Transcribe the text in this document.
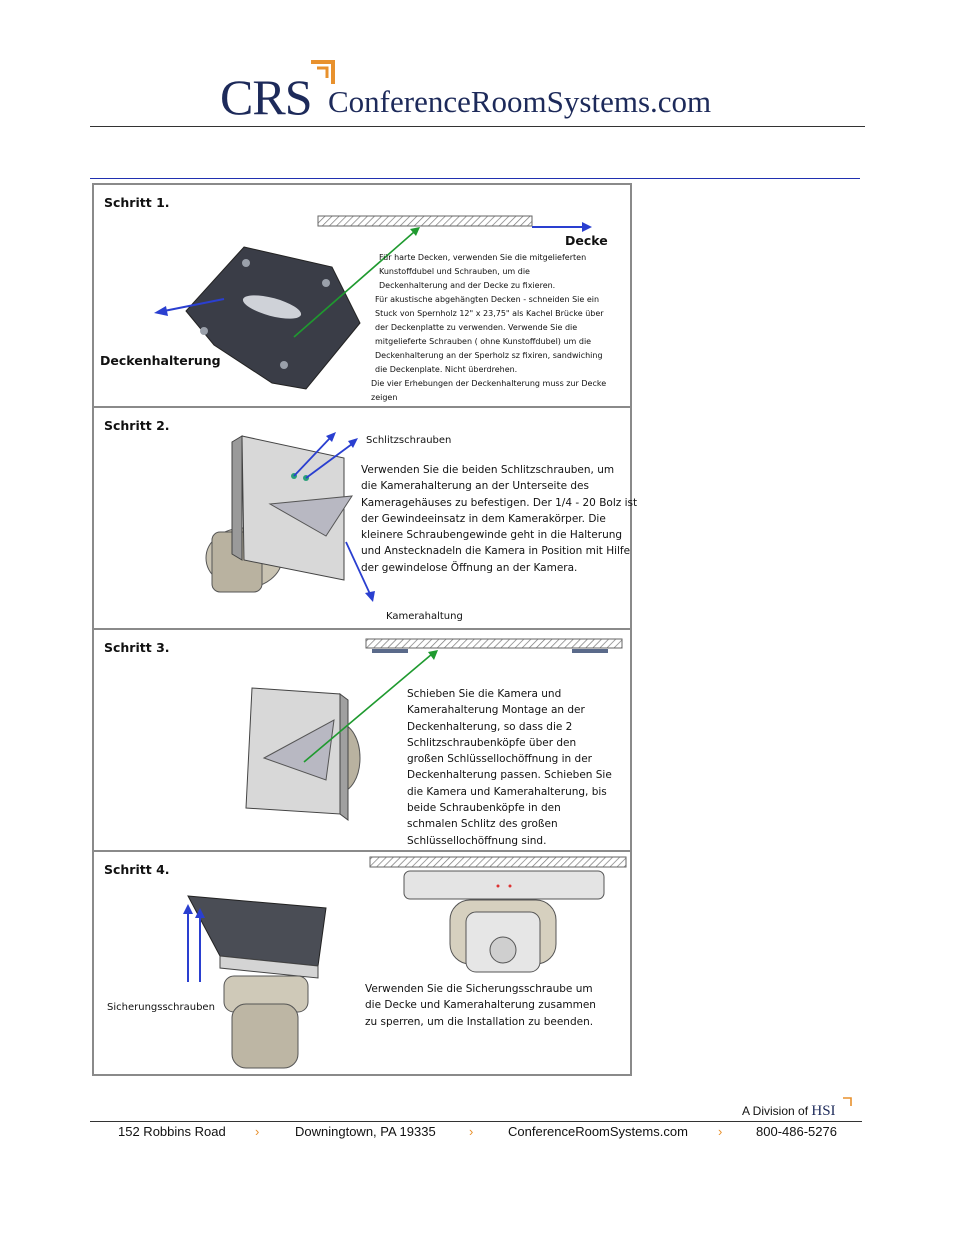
CRS ConferenceRoomSystems.com
Schritt 1.
Decke
Deckenhalterung
Für harte Decken, verwenden Sie die mitgelieferten
Kunstoffdubel und Schrauben, um die
Deckenhalterung and der Decke zu fixieren.
Für akustische abgehängten Decken - schneiden Sie ein
Stuck von Spernholz 12" x 23,75" als Kachel Brücke über
der Deckenplatte zu verwenden. Verwende Sie die
mitgelieferte Schrauben ( ohne Kunstoffdubel) um die
Deckenhalterung an der Sperholz sz fixiren, sandwiching
die Deckenplate. Nicht überdrehen.
Die vier Erhebungen der Deckenhalterung muss zur Decke
zeigen
Schritt 2.
Schlitzschrauben
Kamerahaltung
Verwenden Sie die beiden Schlitzschrauben, um
die Kamerahalterung an der Unterseite des
Kameragehäuses zu befestigen. Der 1/4 - 20 Bolz ist
der Gewindeeinsatz in dem Kamerakörper. Die
kleinere Schraubengewinde geht in die Halterung
und Anstecknadeln die Kamera in Position mit Hilfe
der gewindelose Öffnung an der Kamera.
Schritt 3.
Schieben Sie die Kamera und
Kamerahalterung Montage an der
Deckenhalterung, so dass die 2
Schlitzschraubenköpfe über den
großen Schlüssellochöffnung in der
Deckenhalterung passen. Schieben Sie
die Kamera und Kamerahalterung, bis
beide Schraubenköpfe in den
schmalen Schlitz des großen
Schlüssellochöffnung sind.
Schritt 4.
Sicherungsschrauben
Verwenden Sie die Sicherungsschraube um
die Decke und Kamerahalterung zusammen
zu sperren, um die Installation zu beenden.
A Division of HSI
152 Robbins Road ›	Downingtown, PA 19335	›	ConferenceRoomSystems.com ›	800-486-5276
